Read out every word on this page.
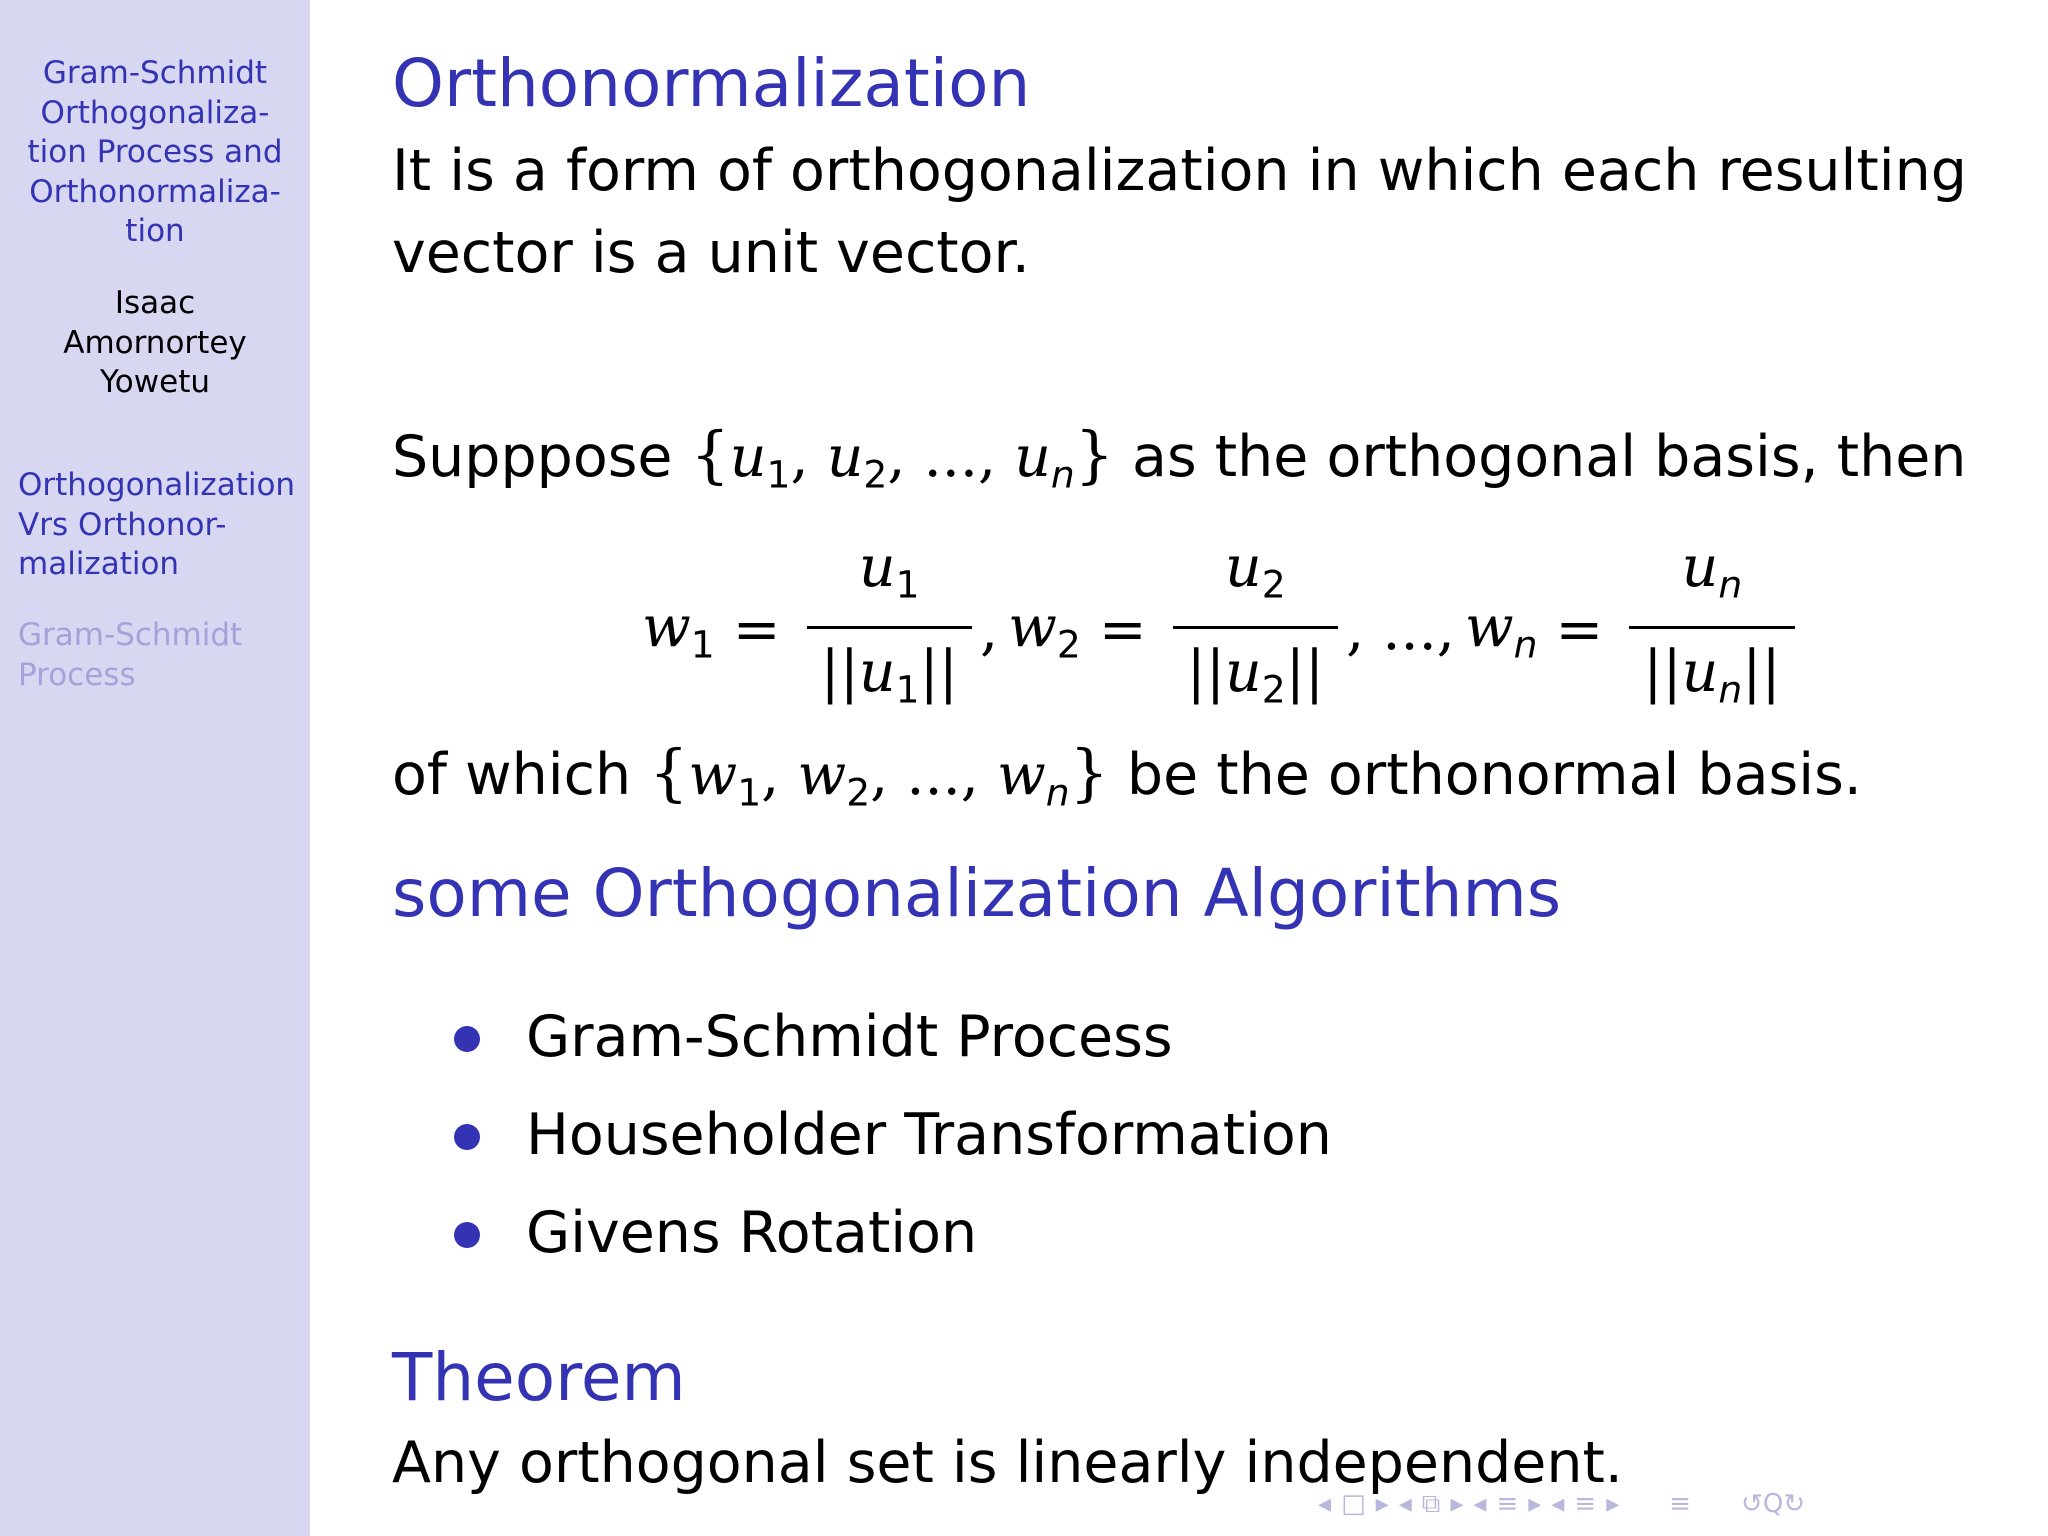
Gram-Schmidt
Orthogonaliza-
tion Process and
Orthonormaliza-
tion
Isaac
Amornortey
Yowetu
Orthogonalization
Vrs Orthonor-
malization
Gram-Schmidt
Process
Orthonormalization
It is a form of orthogonalization in which each resulting
vector is a unit vector.
Supppose {$u_1$, $u_2$, ..., $u_n$} as the orthogonal basis, then
$w_1 = \frac{u_1}{||u_1||}$ , $w_2 = \frac{u_2}{||u_2||}$ , ..., $w_n = \frac{u_n}{||u_n||}$
of which {$w_1$, $w_2$, ..., $w_n$} be the orthonormal basis.
some Orthogonalization Algorithms
Gram-Schmidt Process
Householder Transformation
Givens Rotation
Theorem
Any orthogonal set is linearly independent.
◂ □ ▸ ◂ ⧉ ▸ ◂ ≡ ▸ ◂ ≡ ▸ ≡ ↺Q↻
